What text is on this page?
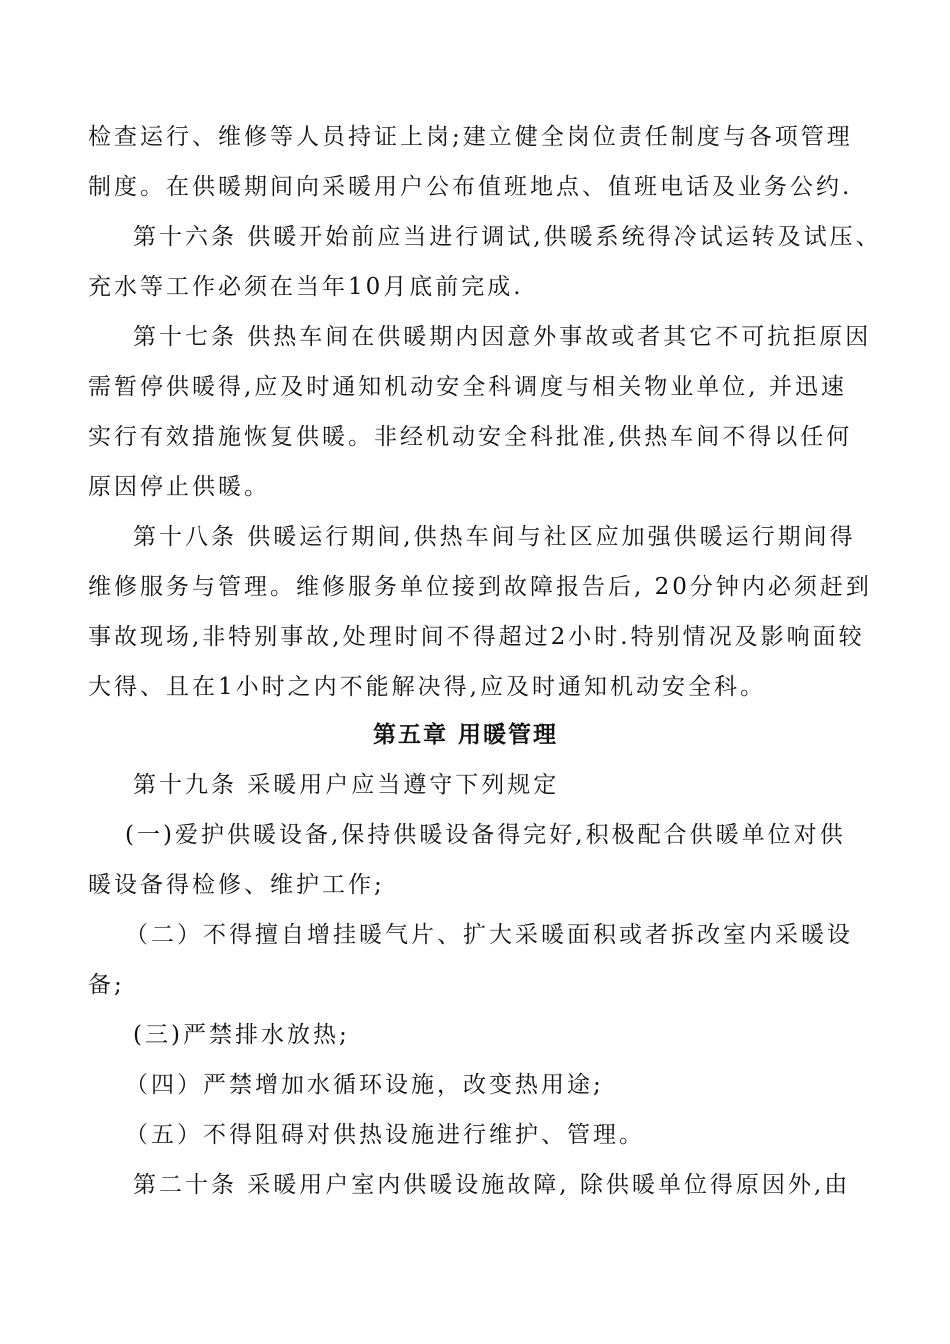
检查运行、维修等人员持证上岗;建立健全岗位责任制度与各项管理
制度。在供暖期间向采暖用户公布值班地点、值班电话及业务公约.
第十六条 供暖开始前应当进行调试,供暖系统得冷试运转及试压、
充水等工作必须在当年10月底前完成.
第十七条 供热车间在供暖期内因意外事故或者其它不可抗拒原因
需暂停供暖得,应及时通知机动安全科调度与相关物业单位, 并迅速
实行有效措施恢复供暖。非经机动安全科批准,供热车间不得以任何
原因停止供暖。
第十八条 供暖运行期间,供热车间与社区应加强供暖运行期间得
维修服务与管理。维修服务单位接到故障报告后, 20分钟内必须赶到
事故现场,非特别事故,处理时间不得超过2小时.特别情况及影响面较
大得、且在1小时之内不能解决得,应及时通知机动安全科。
第五章 用暖管理
第十九条 采暖用户应当遵守下列规定
(一)爱护供暖设备,保持供暖设备得完好,积极配合供暖单位对供
暖设备得检修、维护工作;
（二）不得擅自增挂暖气片、扩大采暖面积或者拆改室内采暖设
备;
(三)严禁排水放热;
（四）严禁增加水循环设施，改变热用途;
（五）不得阻碍对供热设施进行维护、管理。
第二十条 采暖用户室内供暖设施故障, 除供暖单位得原因外,由
